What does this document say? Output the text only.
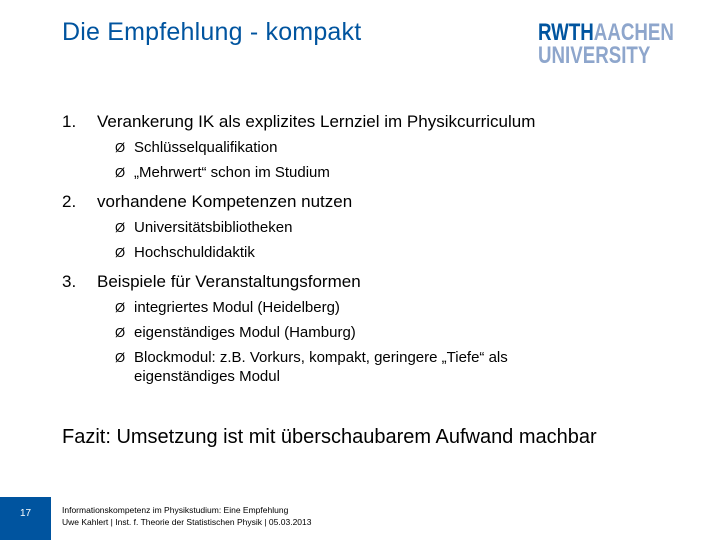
Die Empfehlung - kompakt	RWTHAACHEN
UNIVERSITY
1.	Verankerung IK als explizites Lernziel im Physikcurriculum
Ø Schlüsselqualifikation
Ø „Mehrwert“ schon im Studium
2.	vorhandene Kompetenzen nutzen
Ø Universitätsbibliotheken
Ø Hochschuldidaktik
3.	Beispiele für Veranstaltungsformen
Ø integriertes Modul (Heidelberg)
Ø eigenständiges Modul (Hamburg)
Ø Blockmodul: z.B. Vorkurs, kompakt, geringere „Tiefe“ als eigenständiges Modul
Fazit: Umsetzung ist mit überschaubarem Aufwand machbar
17	Informationskompetenz im Physikstudium: Eine Empfehlung
Uwe Kahlert | Inst. f. Theorie der Statistischen Physik | 05.03.2013
